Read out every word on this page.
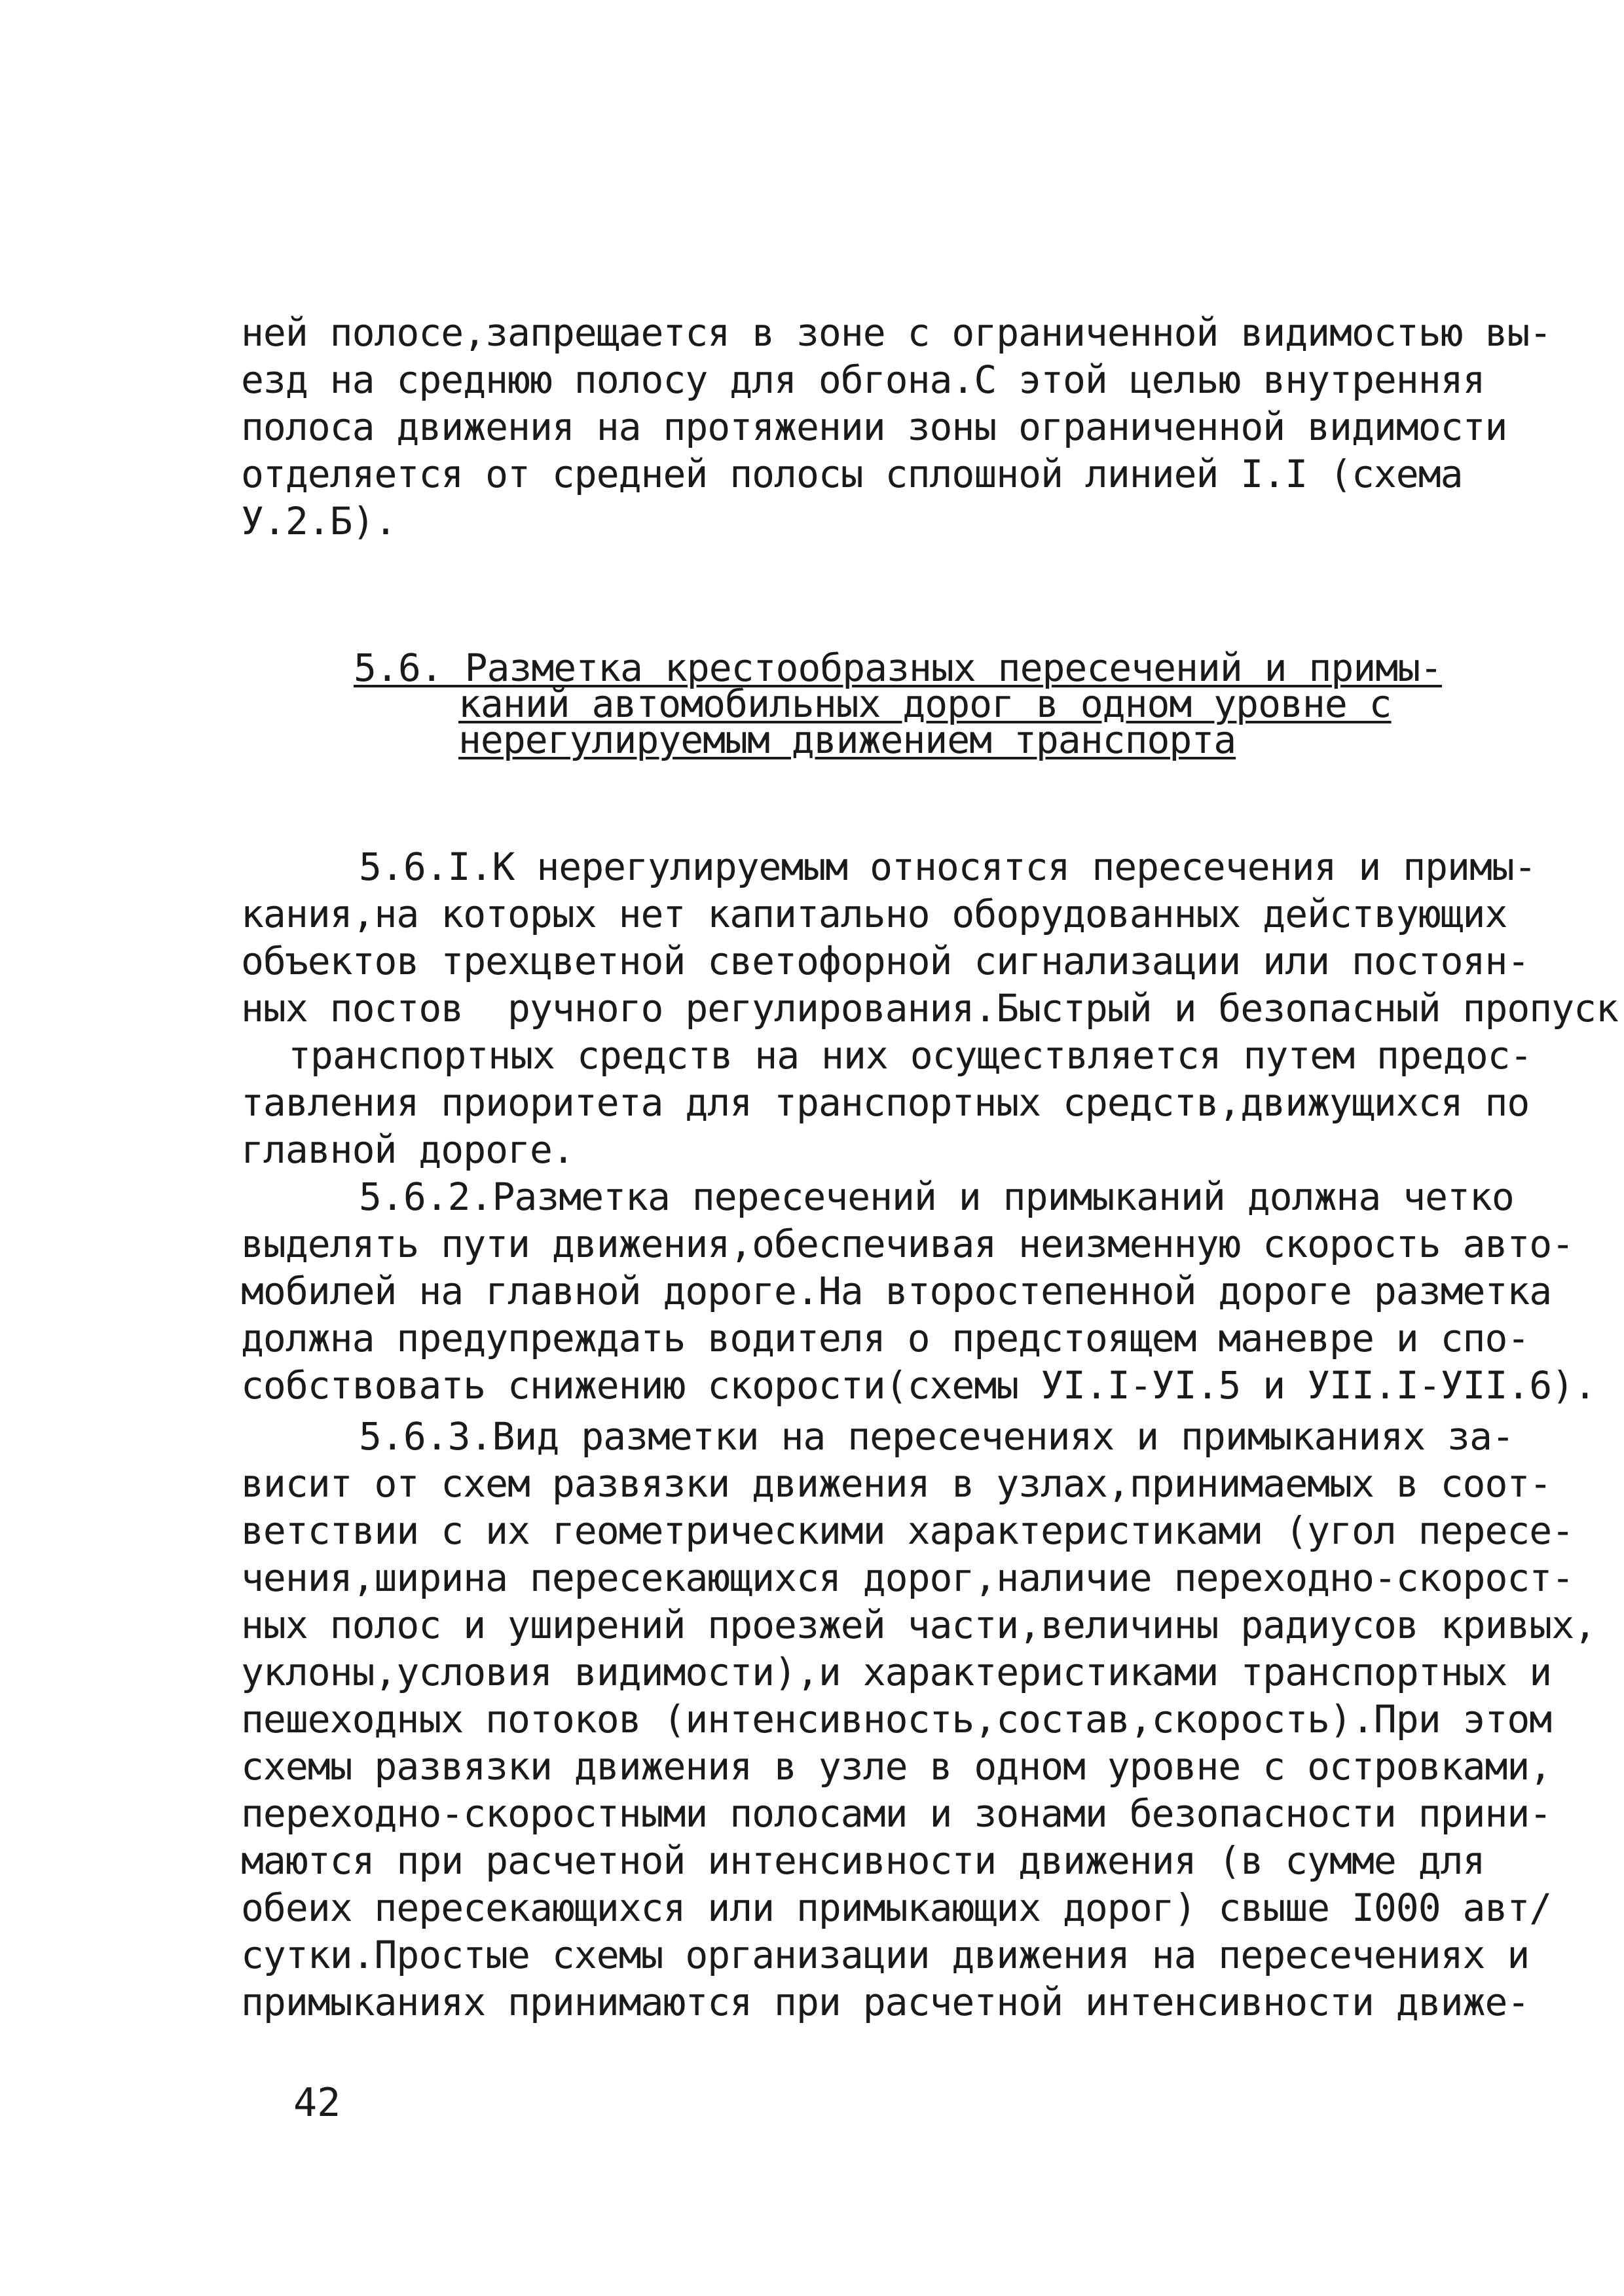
ней полосе,запрещается в зоне с ограниченной видимостью вы-
езд на среднюю полосу для обгона.С этой целью внутренняя
полоса движения на протяжении зоны ограниченной видимости
отделяется от средней полосы сплошной линией I.I (схема
У.2.Б).
5.6. Разметка крестообразных пересечений и примы-
каний автомобильных дорог в одном уровне с
нерегулируемым движением транспорта
5.6.I.К нерегулируемым относятся пересечения и примы-
кания,на которых нет капитально оборудованных действующих
объектов трехцветной светофорной сигнализации или постоян-
ных постов  ручного регулирования.Быстрый и безопасный пропуск
транспортных средств на них осуществляется путем предос-
тавления приоритета для транспортных средств,движущихся по
главной дороге.
5.6.2.Разметка пересечений и примыканий должна четко
выделять пути движения,обеспечивая неизменную скорость авто-
мобилей на главной дороге.На второстепенной дороге разметка
должна предупреждать водителя о предстоящем маневре и спо-
собствовать снижению скорости(схемы УI.I-УI.5 и УII.I-УII.6).
5.6.3.Вид разметки на пересечениях и примыканиях за-
висит от схем развязки движения в узлах,принимаемых в соот-
ветствии с их геометрическими характеристиками (угол пересе-
чения,ширина пересекающихся дорог,наличие переходно-скорост-
ных полос и уширений проезжей части,величины радиусов кривых,
уклоны,условия видимости),и характеристиками транспортных и
пешеходных потоков (интенсивность,состав,скорость).При этом
схемы развязки движения в узле в одном уровне с островками,
переходно-скоростными полосами и зонами безопасности прини-
маются при расчетной интенсивности движения (в сумме для
обеих пересекающихся или примыкающих дорог) свыше I000 авт/
сутки.Простые схемы организации движения на пересечениях и
примыканиях принимаются при расчетной интенсивности движе-
42
